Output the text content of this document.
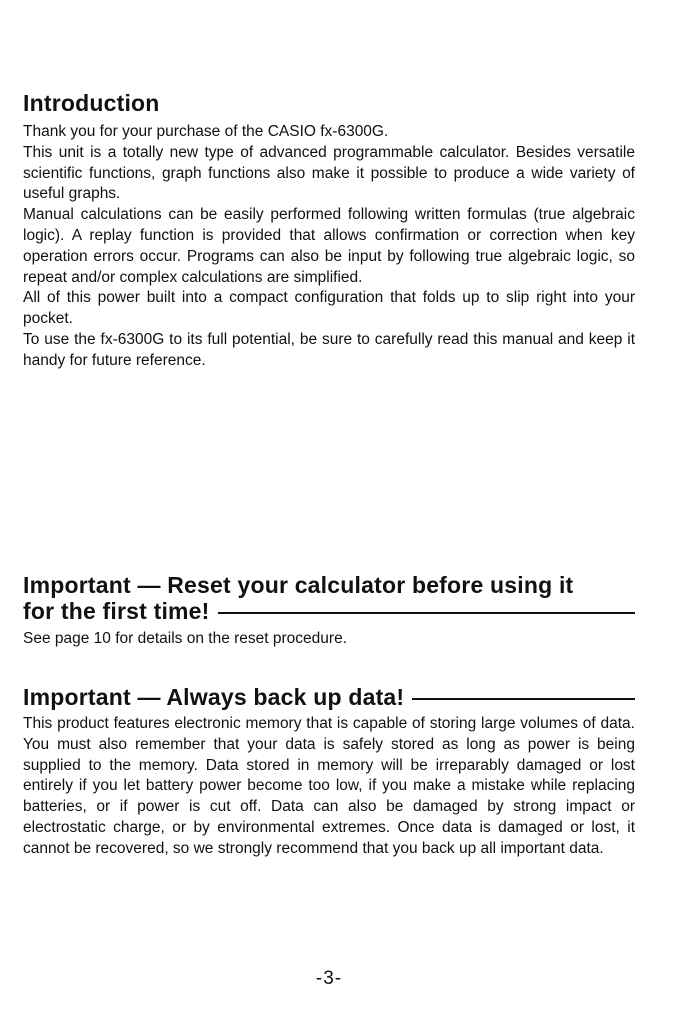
Introduction

Thank you for your purchase of the CASIO fx-6300G.

This unit is a totally new type of advanced programmable calculator. Besides versatile scientific functions, graph functions also make it possible to produce a wide variety of useful graphs.

Manual calculations can be easily performed following written formulas (true algebraic logic). A replay function is provided that allows confirmation or correction when key operation errors occur. Programs can also be input by following true algebraic logic, so repeat and/or complex calculations are simplified.

All of this power built into a compact configuration that folds up to slip right into your pocket.

To use the fx-6300G to its full potential, be sure to carefully read this manual and keep it handy for future reference.

Important — Reset your calculator before using it
for the first time!

See page 10 for details on the reset procedure.

Important — Always back up data!

This product features electronic memory that is capable of storing large volumes of data. You must also remember that your data is safely stored as long as power is being supplied to the memory. Data stored in memory will be irreparably damaged or lost entirely if you let battery power become too low, if you make a mistake while replacing batteries, or if power is cut off. Data can also be damaged by strong impact or electrostatic charge, or by environmental extremes. Once data is damaged or lost, it cannot be recovered, so we strongly recommend that you back up all important data.

-3-
